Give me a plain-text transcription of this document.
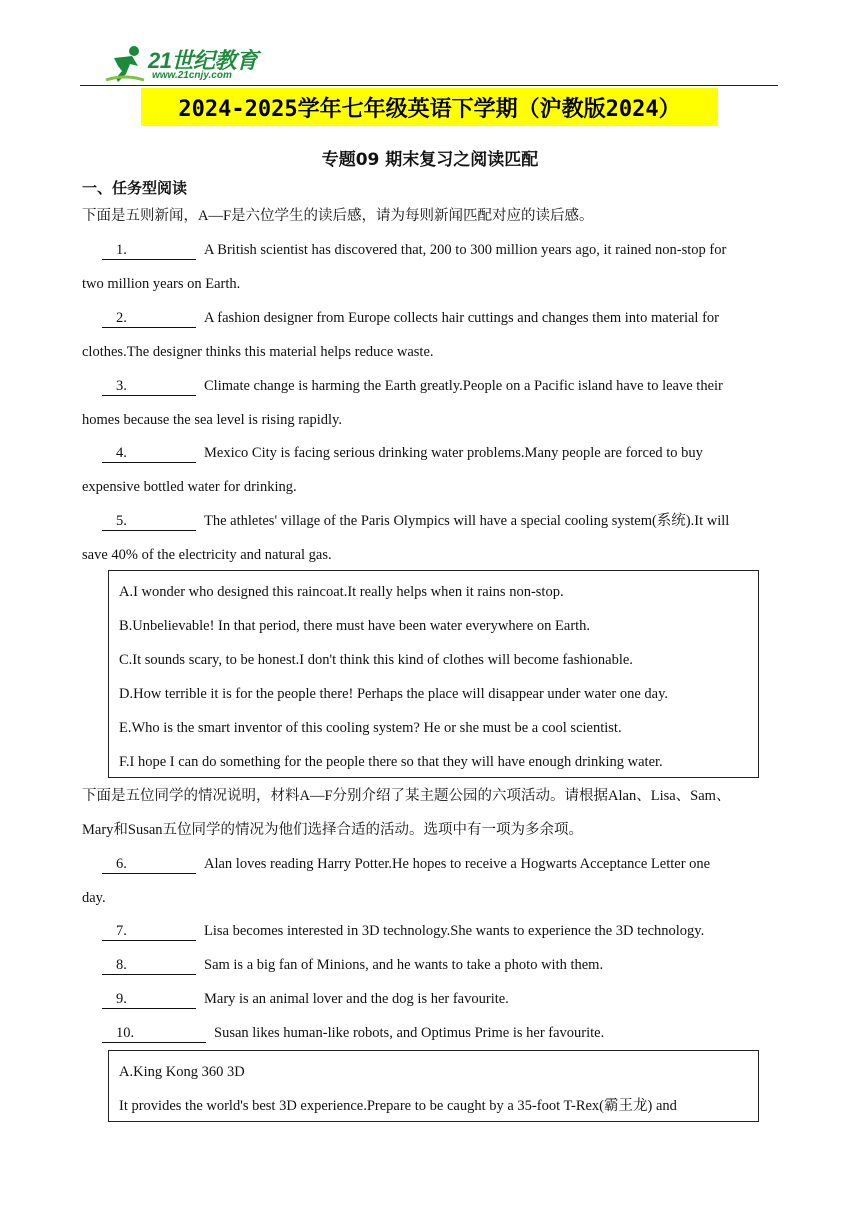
21世纪教育
www.21cnjy.com
2024-2025学年七年级英语下学期（沪教版2024）
专题09 期末复习之阅读匹配
一、任务型阅读
下面是五则新闻，A—F是六位学生的读后感，请为每则新闻匹配对应的读后感。
1.	A British scientist has discovered that, 200 to 300 million years ago, it rained non-stop for
two million years on Earth.
2.	A fashion designer from Europe collects hair cuttings and changes them into material for
clothes.The designer thinks this material helps reduce waste.
3.	Climate change is harming the Earth greatly.People on a Pacific island have to leave their
homes because the sea level is rising rapidly.
4.	Mexico City is facing serious drinking water problems.Many people are forced to buy
expensive bottled water for drinking.
5.	The athletes' village of the Paris Olympics will have a special cooling system(系统).It will
save 40% of the electricity and natural gas.
A.I wonder who designed this raincoat.It really helps when it rains non-stop.
B.Unbelievable! In that period, there must have been water everywhere on Earth.
C.It sounds scary, to be honest.I don't think this kind of clothes will become fashionable.
D.How terrible it is for the people there! Perhaps the place will disappear under water one day.
E.Who is the smart inventor of this cooling system? He or she must be a cool scientist.
F.I hope I can do something for the people there so that they will have enough drinking water.
下面是五位同学的情况说明，材料A—F分别介绍了某主题公园的六项活动。请根据Alan、Lisa、Sam、
Mary和Susan五位同学的情况为他们选择合适的活动。选项中有一项为多余项。
6.	Alan loves reading Harry Potter.He hopes to receive a Hogwarts Acceptance Letter one
day.
7.	Lisa becomes interested in 3D technology.She wants to experience the 3D technology.
8.	Sam is a big fan of Minions, and he wants to take a photo with them.
9.	Mary is an animal lover and the dog is her favourite.
10.	Susan likes human-like robots, and Optimus Prime is her favourite.
A.King Kong 360 3D
It provides the world's best 3D experience.Prepare to be caught by a 35-foot T-Rex(霸王龙) and
